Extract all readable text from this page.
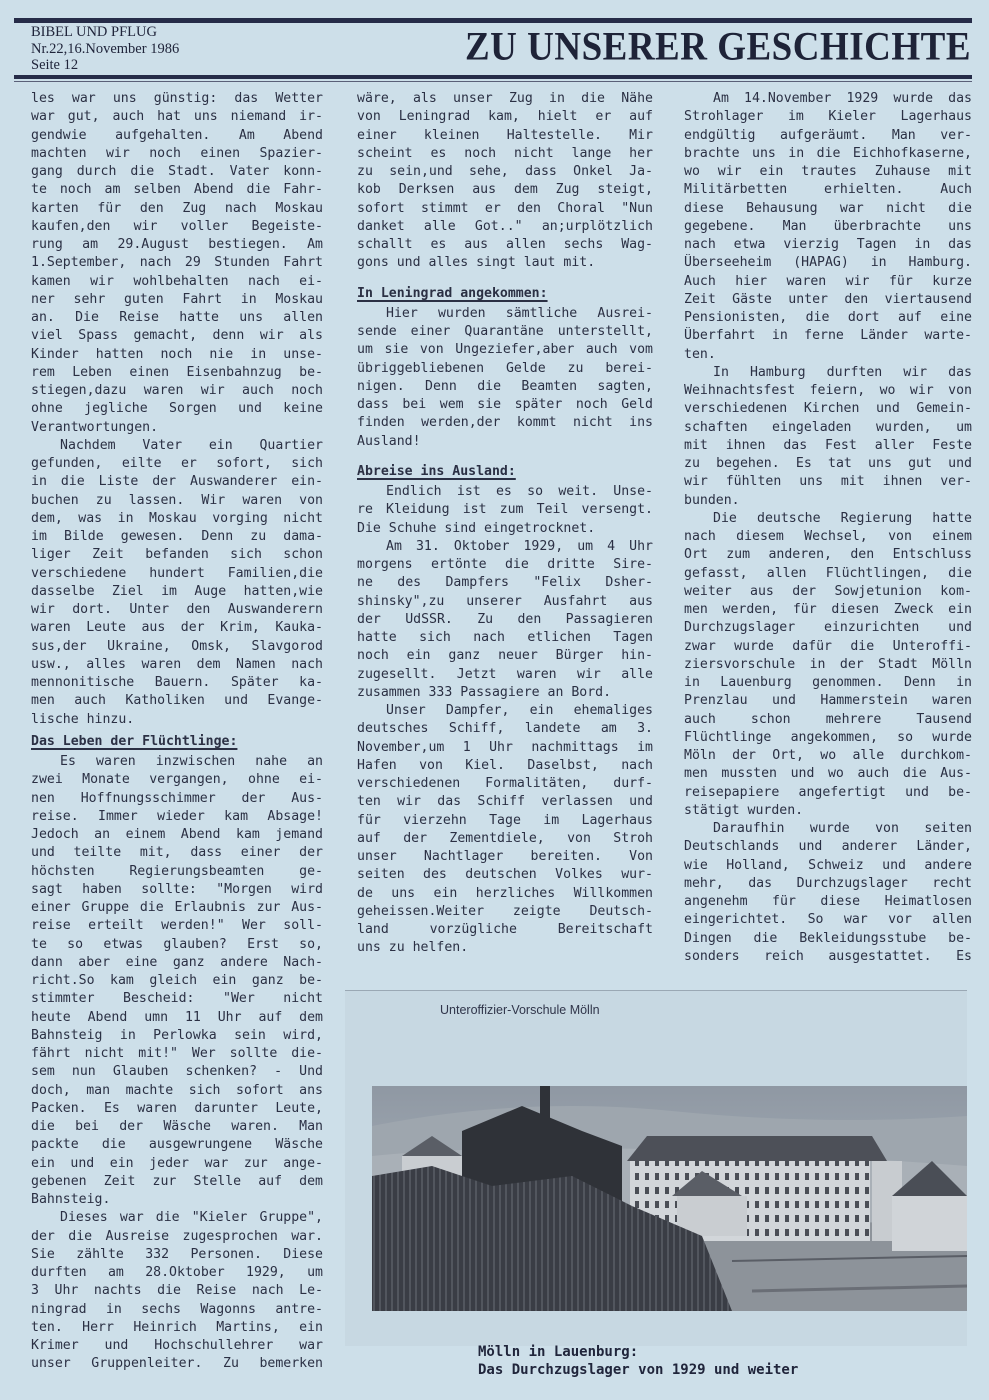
BIBEL UND PFLUG
Nr.22,16.November 1986
Seite 12	ZU UNSERER GESCHICHTE

les war uns günstig: das Wetter

war gut, auch hat uns niemand ir-

gendwie aufgehalten. Am Abend

machten wir noch einen Spazier-

gang durch die Stadt. Vater konn-

te noch am selben Abend die Fahr-

karten für den Zug nach Moskau

kaufen,den wir voller Begeiste-

rung am 29.August bestiegen. Am

1.September, nach 29 Stunden Fahrt

kamen wir wohlbehalten nach ei-

ner sehr guten Fahrt in Moskau

an. Die Reise hatte uns allen

viel Spass gemacht, denn wir als

Kinder hatten noch nie in unse-

rem Leben einen Eisenbahnzug be-

stiegen,dazu waren wir auch noch

ohne jegliche Sorgen und keine

Verantwortungen.

Nachdem Vater ein Quartier

gefunden, eilte er sofort, sich

in die Liste der Auswanderer ein-

buchen zu lassen. Wir waren von

dem, was in Moskau vorging nicht

im Bilde gewesen. Denn zu dama-

liger Zeit befanden sich schon

verschiedene hundert Familien,die

dasselbe Ziel im Auge hatten,wie

wir dort. Unter den Auswanderern

waren Leute aus der Krim, Kauka-

sus,der Ukraine, Omsk, Slavgorod

usw., alles waren dem Namen nach

mennonitische Bauern. Später ka-

men auch Katholiken und Evange-

lische hinzu.

Das Leben der Flüchtlinge:

Es waren inzwischen nahe an

zwei Monate vergangen, ohne ei-

nen Hoffnungsschimmer der Aus-

reise. Immer wieder kam Absage!

Jedoch an einem Abend kam jemand

und teilte mit, dass einer der

höchsten Regierungsbeamten ge-

sagt haben sollte: "Morgen wird

einer Gruppe die Erlaubnis zur Aus-

reise erteilt werden!" Wer soll-

te so etwas glauben? Erst so,

dann aber eine ganz andere Nach-

richt.So kam gleich ein ganz be-

stimmter Bescheid: "Wer nicht

heute Abend umn 11 Uhr auf dem

Bahnsteig in Perlowka sein wird,

fährt nicht mit!" Wer sollte die-

sem nun Glauben schenken? - Und

doch, man machte sich sofort ans

Packen. Es waren darunter Leute,

die bei der Wäsche waren. Man

packte die ausgewrungene Wäsche

ein und ein jeder war zur ange-

gebenen Zeit zur Stelle auf dem

Bahnsteig.

Dieses war die "Kieler Gruppe",

der die Ausreise zugesprochen war.

Sie zählte 332 Personen. Diese

durften am 28.Oktober 1929, um

3 Uhr nachts die Reise nach Le-

ningrad in sechs Wagonns antre-

ten. Herr Heinrich Martins, ein

Krimer und Hochschullehrer war

unser Gruppenleiter. Zu bemerken

wäre, als unser Zug in die Nähe

von Leningrad kam, hielt er auf

einer kleinen Haltestelle. Mir

scheint es noch nicht lange her

zu sein,und sehe, dass Onkel Ja-

kob Derksen aus dem Zug steigt,

sofort stimmt er den Choral "Nun

danket alle Got.." an;urplötzlich

schallt es aus allen sechs Wag-

gons und alles singt laut mit.

In Leningrad angekommen:

Hier wurden sämtliche Ausrei-

sende einer Quarantäne unterstellt,

um sie von Ungeziefer,aber auch vom

übriggebliebenen Gelde zu berei-

nigen. Denn die Beamten sagten,

dass bei wem sie später noch Geld

finden werden,der kommt nicht ins

Ausland!

Abreise ins Ausland:

Endlich ist es so weit. Unse-

re Kleidung ist zum Teil versengt.

Die Schuhe sind eingetrocknet.

Am 31. Oktober 1929, um 4 Uhr

morgens ertönte die dritte Sire-

ne des Dampfers "Felix Dsher-

shinsky",zu unserer Ausfahrt aus

der UdSSR. Zu den Passagieren

hatte sich nach etlichen Tagen

noch ein ganz neuer Bürger hin-

zugesellt. Jetzt waren wir alle

zusammen 333 Passagiere an Bord.

Unser Dampfer, ein ehemaliges

deutsches Schiff, landete am 3.

November,um 1 Uhr nachmittags im

Hafen von Kiel. Daselbst, nach

verschiedenen Formalitäten, durf-

ten wir das Schiff verlassen und

für vierzehn Tage im Lagerhaus

auf der Zementdiele, von Stroh

unser Nachtlager bereiten. Von

seiten des deutschen Volkes wur-

de uns ein herzliches Willkommen

geheissen.Weiter zeigte Deutsch-

land vorzügliche Bereitschaft

uns zu helfen.

Am 14.November 1929 wurde das

Strohlager im Kieler Lagerhaus

endgültig aufgeräumt. Man ver-

brachte uns in die Eichhofkaserne,

wo wir ein trautes Zuhause mit

Militärbetten erhielten. Auch

diese Behausung war nicht die

gegebene. Man überbrachte uns

nach etwa vierzig Tagen in das

Überseeheim (HAPAG) in Hamburg.

Auch hier waren wir für kurze

Zeit Gäste unter den viertausend

Pensionisten, die dort auf eine

Überfahrt in ferne Länder warte-

ten.

In Hamburg durften wir das

Weihnachtsfest feiern, wo wir von

verschiedenen Kirchen und Gemein-

schaften eingeladen wurden, um

mit ihnen das Fest aller Feste

zu begehen. Es tat uns gut und

wir fühlten uns mit ihnen ver-

bunden.

Die deutsche Regierung hatte

nach diesem Wechsel, von einem

Ort zum anderen, den Entschluss

gefasst, allen Flüchtlingen, die

weiter aus der Sowjetunion kom-

men werden, für diesen Zweck ein

Durchzugslager einzurichten und

zwar wurde dafür die Unteroffi-

ziersvorschule in der Stadt Mölln

in Lauenburg genommen. Denn in

Prenzlau und Hammerstein waren

auch schon mehrere Tausend

Flüchtlinge angekommen, so wurde

Möln der Ort, wo alle durchkom-

men mussten und wo auch die Aus-

reisepapiere angefertigt und be-

stätigt wurden.

Daraufhin wurde von seiten

Deutschlands und anderer Länder,

wie Holland, Schweiz und andere

mehr, das Durchzugslager recht

angenehm für diese Heimatlosen

eingerichtet. So war vor allen

Dingen die Bekleidungsstube be-

sonders reich ausgestattet. Es

Unteroffizier-Vorschule Mölln
Mölln in Lauenburg:
Das Durchzugslager von 1929 und weiter
